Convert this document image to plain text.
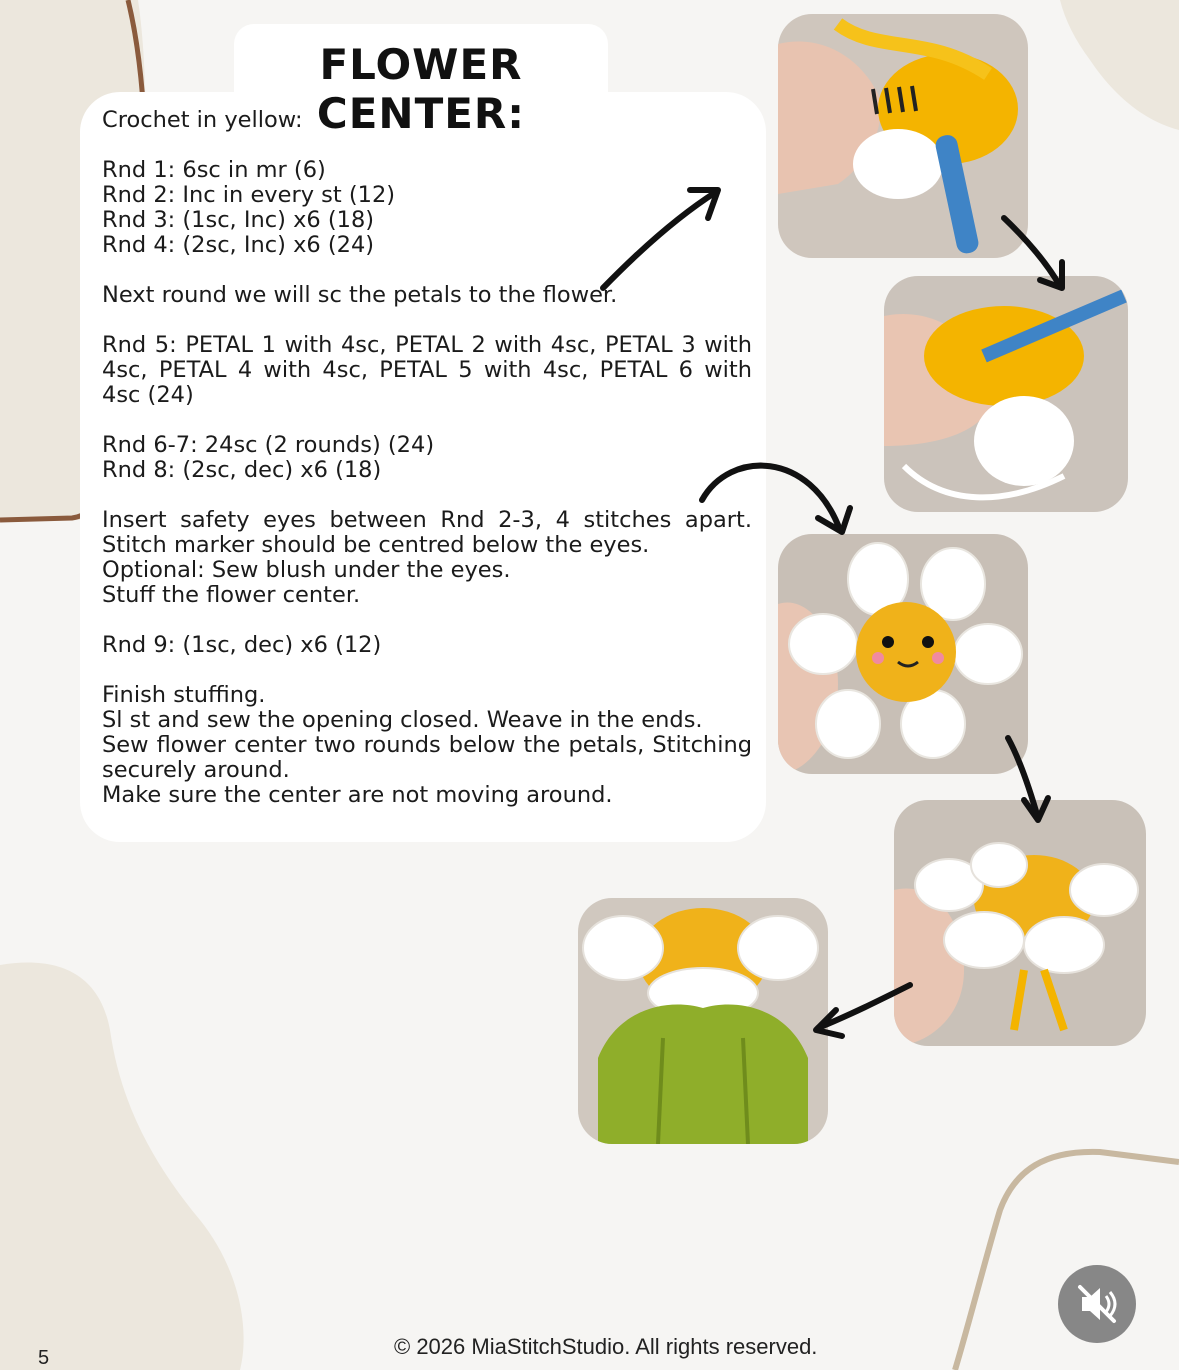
FLOWER CENTER:

Crochet in yellow:

Rnd 1: 6sc in mr (6)

Rnd 2: Inc in every st (12)

Rnd 3: (1sc, Inc) x6 (18)

Rnd 4: (2sc, Inc) x6 (24)

Next round we will sc the petals to the flower.

Rnd 5: PETAL 1 with 4sc, PETAL 2 with 4sc, PETAL 3 with 4sc, PETAL 4 with 4sc, PETAL 5 with 4sc, PETAL 6 with 4sc (24)

Rnd 6-7: 24sc (2 rounds) (24)

Rnd 8: (2sc, dec) x6 (18)

Insert safety eyes between Rnd 2-3, 4 stitches apart. Stitch marker should be centred below the eyes.

Optional: Sew blush under the eyes.

Stuff the flower center.

Rnd 9: (1sc, dec) x6 (12)

Finish stuffing.

Sl st and sew the opening closed. Weave in the ends.

Sew flower center two rounds below the petals, Stitching securely around.

Make sure the center are not moving around.

© 2026 MiaStitchStudio. All rights reserved.
5
